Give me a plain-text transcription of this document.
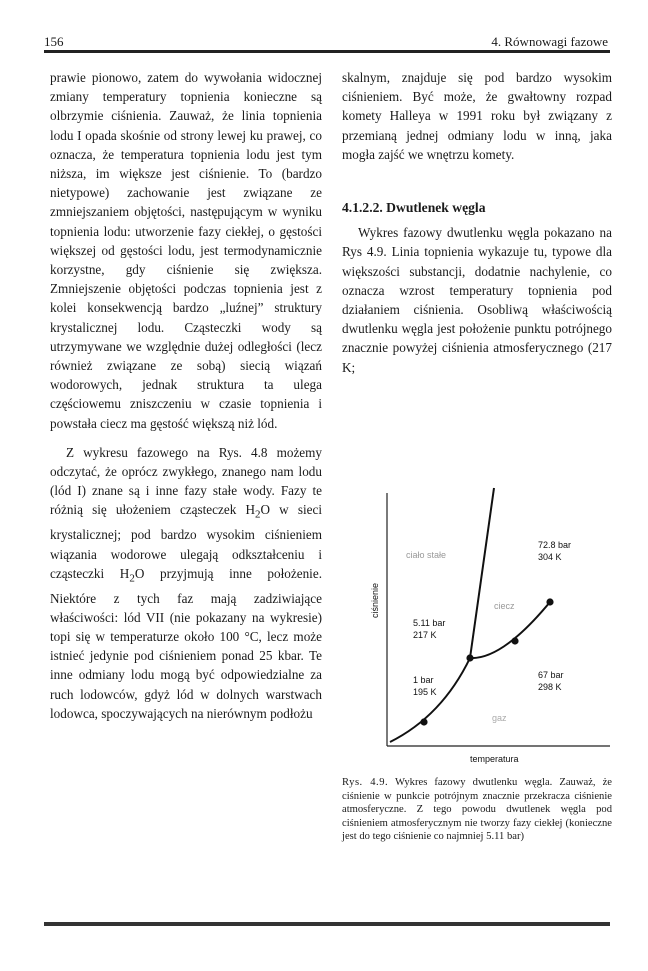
156	4. Równowagi fazowe

prawie pionowo, zatem do wywołania widocznej zmiany temperatury topnienia konieczne są olbrzymie ciśnienia. Zauważ, że linia topnienia lodu I opada skośnie od strony lewej ku prawej, co oznacza, że temperatura topnienia lodu jest tym niższa, im większe jest ciśnienie. To (bardzo nietypowe) zachowanie jest związane ze zmniejszaniem objętości, następującym w wyniku topnienia lodu: utworzenie fazy ciekłej, o gęstości większej od gęstości lodu, jest termodynamicznie korzystne, gdy ciśnienie się zwiększa. Zmniejszenie objętości podczas topnienia jest z kolei konsekwencją bardzo „luźnej” struktury krystalicznej lodu. Cząsteczki wody są utrzymywane we względnie dużej odległości (lecz również związane ze sobą) siecią wiązań wodorowych, jednak struktura ta ulega częściowemu zniszczeniu w czasie topnienia i powstała ciecz ma gęstość większą niż lód.

Z wykresu fazowego na Rys. 4.8 możemy odczytać, że oprócz zwykłego, znanego nam lodu (lód I) znane są i inne fazy stałe wody. Fazy te różnią się ułożeniem cząsteczek $H_2O$ w sieci krystalicznej; pod bardzo wysokim ciśnieniem wiązania wodorowe ulegają odkształceniu i cząsteczki $H_2O$ przyjmują inne położenie. Niektóre z tych faz mają zadziwiające właściwości: lód VII (nie pokazany na wykresie) topi się w temperaturze około 100 °C, lecz może istnieć jedynie pod ciśnieniem ponad 25 kbar. Te inne odmiany lodu mogą być odpowiedzialne za ruch lodowców, gdyż lód w dolnych warstwach lodowca, spoczywających na nierównym podłożu

skalnym, znajduje się pod bardzo wysokim ciśnieniem. Być może, że gwałtowny rozpad komety Halleya w 1991 roku był związany z przemianą jednej odmiany lodu w inną, jaka mogła zajść we wnętrzu komety.

4.1.2.2. Dwutlenek węgla

Wykres fazowy dwutlenku węgla pokazano na Rys 4.9. Linia topnienia wykazuje tu, typowe dla większości substancji, dodatnie nachylenie, co oznacza wzrost temperatury topnienia pod działaniem ciśnienia. Osobliwą właściwością dwutlenku węgla jest położenie punktu potrójnego znacznie powyżej ciśnienia atmosferycznego (217 K;

ciało stałe
ciecz
gaz
72.8 bar
304 K
5.11 bar
217 K
67 bar
298 K
1 bar
195 K
ciśnienie
temperatura
Rys. 4.9. Wykres fazowy dwutlenku węgla. Zauważ, że ciśnienie w punkcie potrójnym znacznie przekracza ciśnienie atmosferyczne. Z tego powodu dwutlenek węgla pod ciśnieniem atmosferycznym nie tworzy fazy ciekłej (konieczne jest do tego ciśnienie co najmniej 5.11 bar)
